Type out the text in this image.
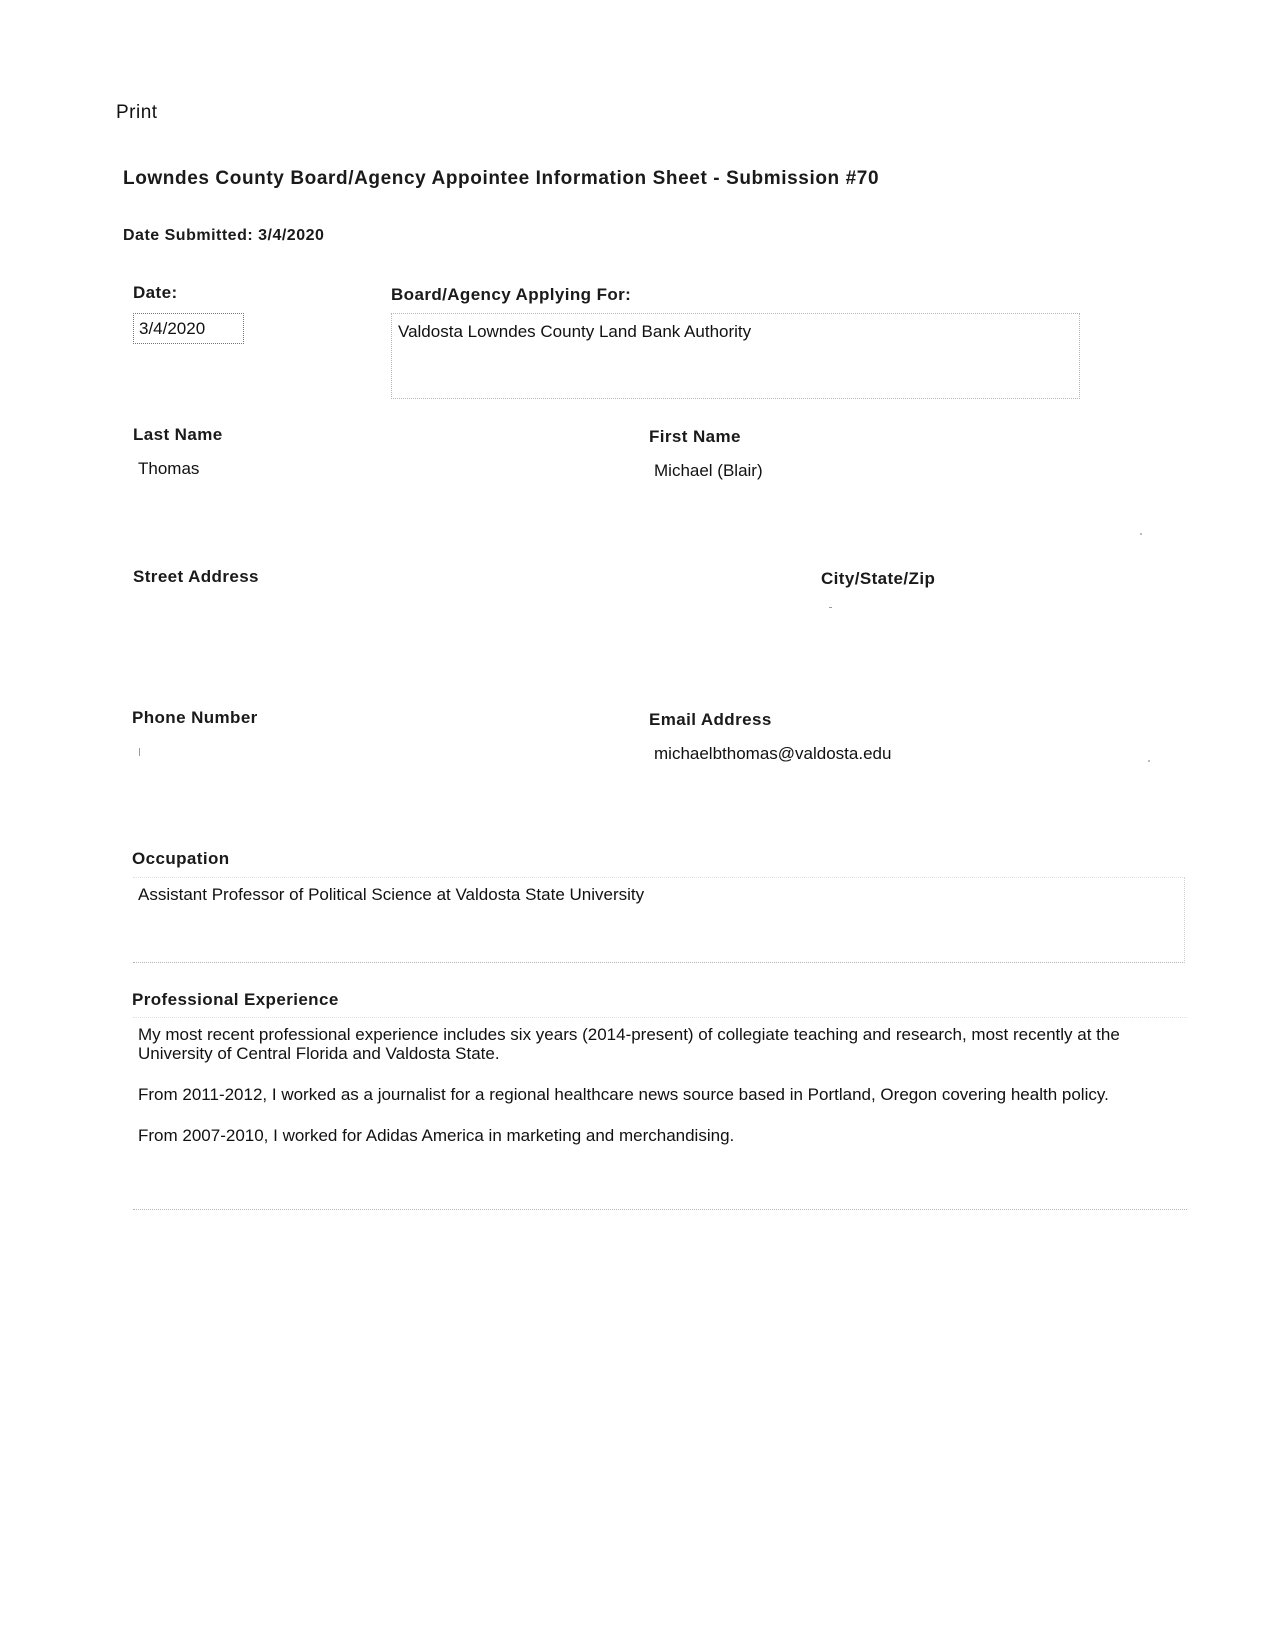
Print
Lowndes County Board/Agency Appointee Information Sheet - Submission #70
Date Submitted: 3/4/2020
Date:
3/4/2020
Board/Agency Applying For:
Valdosta Lowndes County Land Bank Authority
Last Name
Thomas
First Name
Michael (Blair)
Street Address	City/State/Zip
Phone Number	Email Address
michaelbthomas@valdosta.edu
Occupation
Assistant Professor of Political Science at Valdosta State University
Professional Experience

My most recent professional experience includes six years (2014-present) of collegiate teaching and research, most recently at the University of Central Florida and Valdosta State.

From 2011-2012, I worked as a journalist for a regional healthcare news source based in Portland, Oregon covering health policy.

From 2007-2010, I worked for Adidas America in marketing and merchandising.
